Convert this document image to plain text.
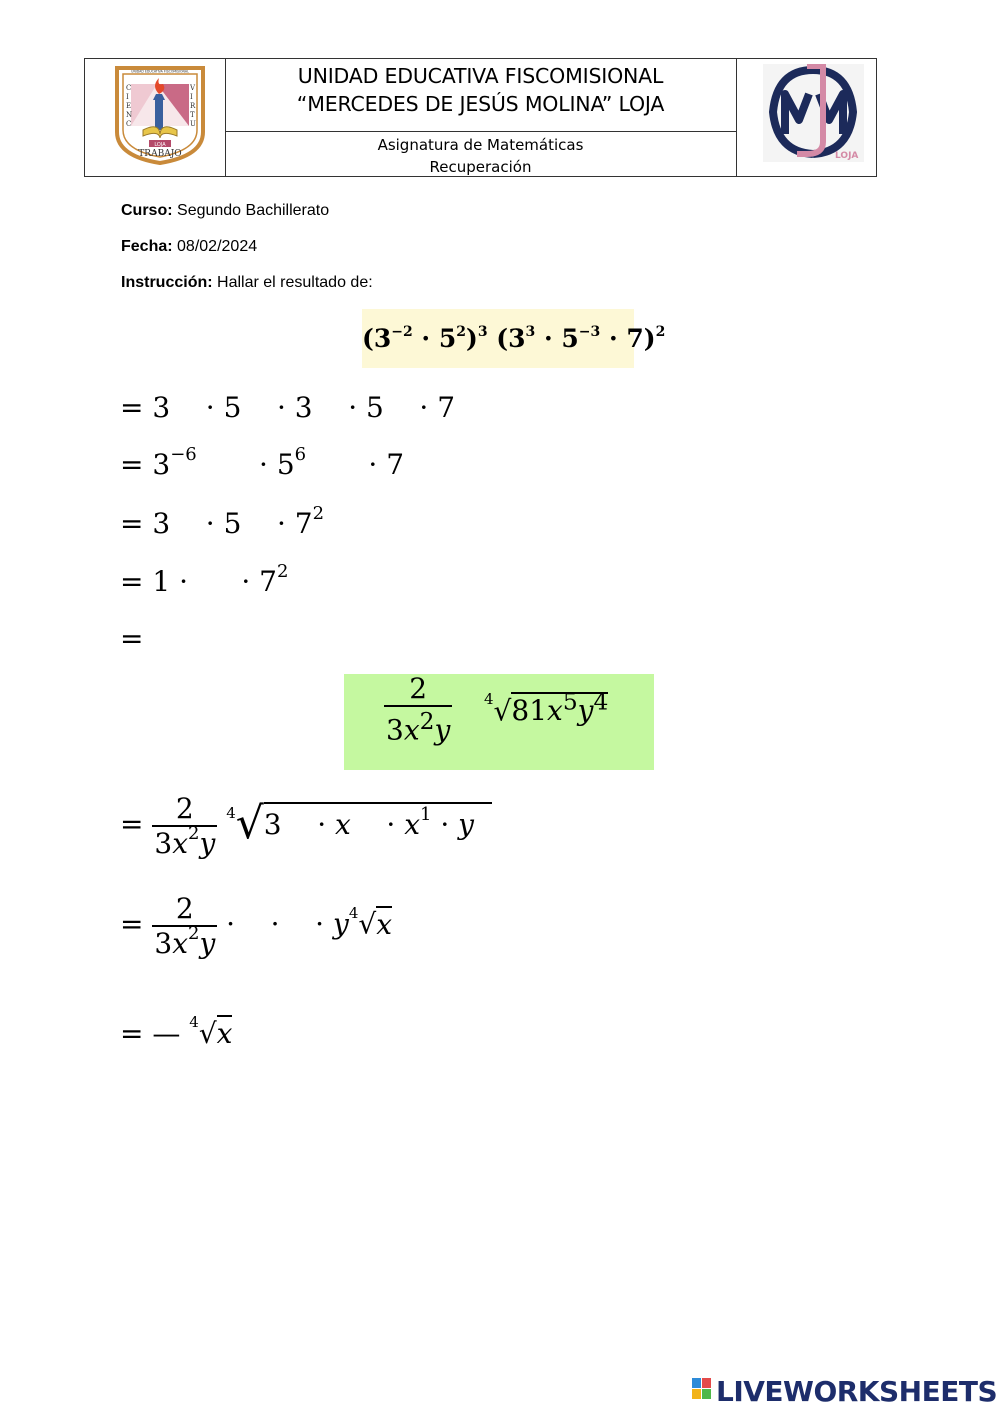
LOJA
UNIDAD EDUCATIVA FISCOMISIONAL
C
I
E
N
C
V
I
R
T
U
TRABAJO
UNIDAD EDUCATIVA FISCOMISIONAL
“MERCEDES DE JESÚS MOLINA” LOJA
Asignatura de Matemáticas
Recuperación
LOJA
Curso: Segundo Bachillerato
Fecha: 08/02/2024
Instrucción: Hallar el resultado de:
$(3^{-2} \cdot 5^2)^3$ $(3^3 \cdot 5^{-3} \cdot 7)^2$
= 3    · 5    · 3    · 5    · 7
= $3^{-6}$       · $5^6$       · 7
= 3    · 5    · $7^2$
= 1 ·      · $7^2$
=
$\frac{2}{3x^2y} ^4√81x^5y^4$
= $\frac{2}{3x^2y} ^4√3$    · x    · $x^1 \cdot y$
= $\frac{2}{3x^2y}$ ·    ·    · $y^4√x$
= — $^4$√x
LIVEWORKSHEETS
